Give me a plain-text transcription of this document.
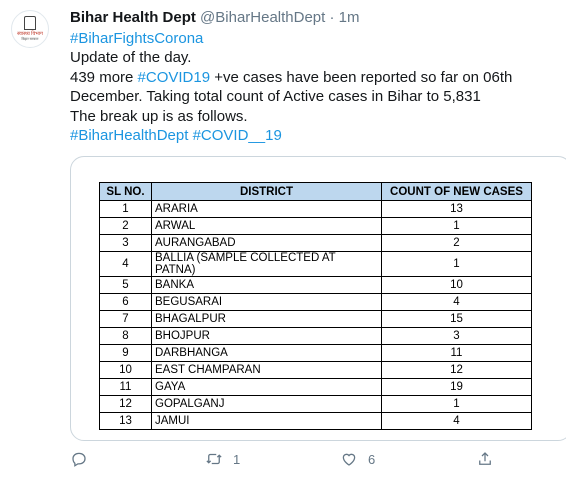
स्वास्थ्य विभाग
बिहार सरकार
Bihar Health Dept @BiharHealthDept · 1m
#BiharFightsCorona
Update of the day.
439 more #COVID19 +ve cases have been reported so far on 06th
December. Taking total count of Active cases in Bihar to 5,831
The break up is as follows.
#BiharHealthDept #COVID__19
SL NO.	DISTRICT	COUNT OF NEW CASES
1	ARARIA	13
2	ARWAL	1
3	AURANGABAD	2
4	BALLIA (SAMPLE COLLECTED AT PATNA)	1
5	BANKA	10
6	BEGUSARAI	4
7	BHAGALPUR	15
8	BHOJPUR	3
9	DARBHANGA	11
10	EAST CHAMPARAN	12
11	GAYA	19
12	GOPALGANJ	1
13	JAMUI	4
1	6
